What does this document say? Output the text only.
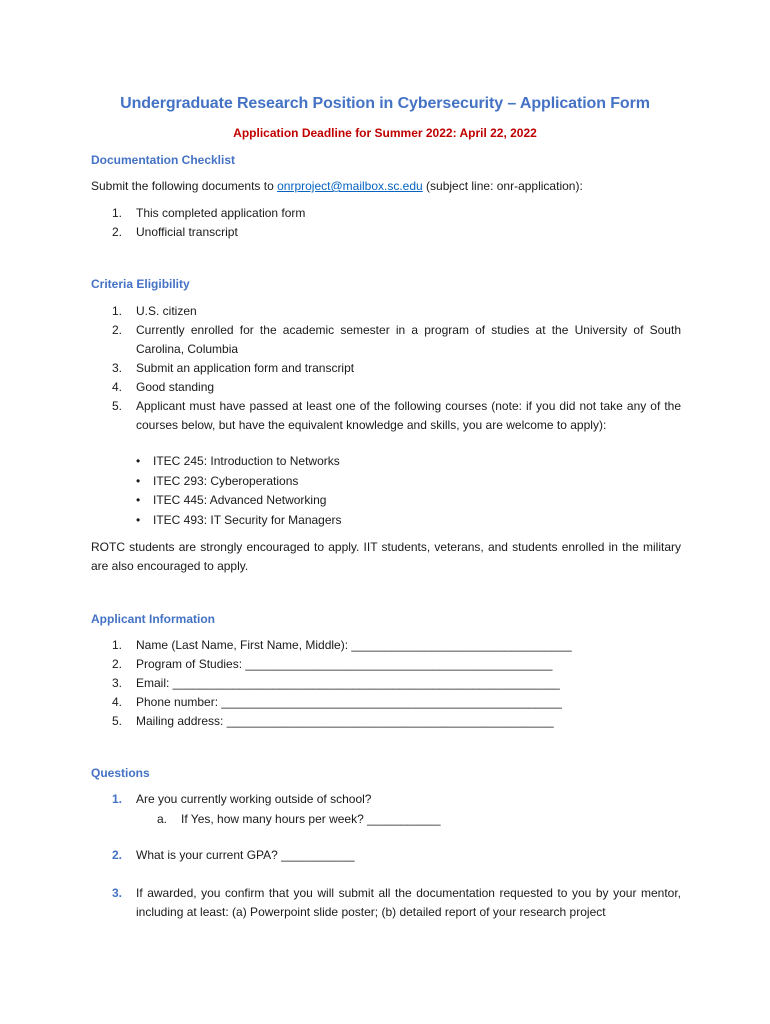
Undergraduate Research Position in Cybersecurity – Application Form
Application Deadline for Summer 2022: April 22, 2022
Documentation Checklist
Submit the following documents to onrproject@mailbox.sc.edu (subject line: onr-application):
1. This completed application form
2. Unofficial transcript
Criteria Eligibility
1. U.S. citizen
2. Currently enrolled for the academic semester in a program of studies at the University of South Carolina, Columbia
3. Submit an application form and transcript
4. Good standing
5. Applicant must have passed at least one of the following courses (note: if you did not take any of the courses below, but have the equivalent knowledge and skills, you are welcome to apply):
• ITEC 245: Introduction to Networks
• ITEC 293: Cyberoperations
• ITEC 445: Advanced Networking
• ITEC 493: IT Security for Managers
ROTC students are strongly encouraged to apply. IIT students, veterans, and students enrolled in the military are also encouraged to apply.
Applicant Information
1. Name (Last Name, First Name, Middle): _________________________________
2. Program of Studies: ______________________________________________
3. Email: __________________________________________________________
4. Phone number: ___________________________________________________
5. Mailing address: _________________________________________________
Questions
1.	Are you currently working outside of school?
a. If Yes, how many hours per week? ___________
2.	What is your current GPA? ___________
3.	If awarded, you confirm that you will submit all the documentation requested to you by your mentor, including at least: (a) Powerpoint slide poster; (b) detailed report of your research project
